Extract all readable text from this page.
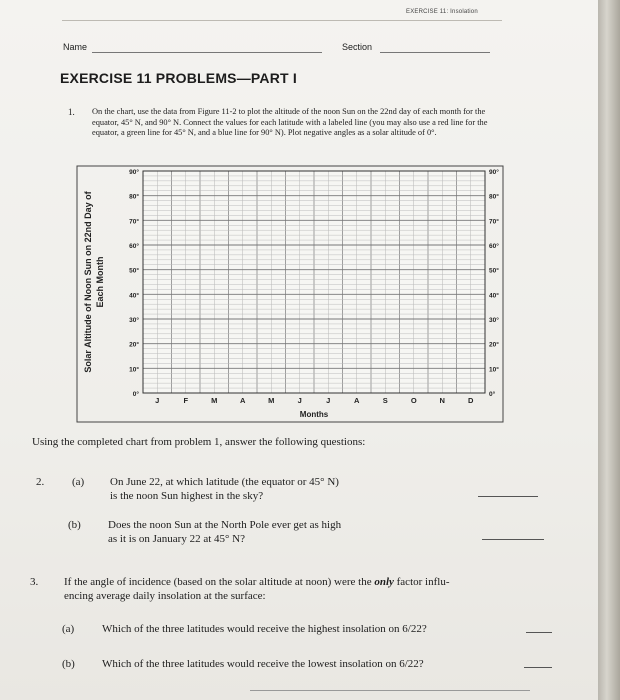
EXERCISE 11: Insolation
Name	Section
EXERCISE 11 PROBLEMS—PART I
1. On the chart, use the data from Figure 11-2 to plot the altitude of the noon Sun on the 22nd day of each month for the equator, 45° N, and 90° N. Connect the values for each latitude with a labeled line (you may also use a red line for the equator, a green line for 45° N, and a blue line for 90° N). Plot negative angles as a solar altitude of 0°.
0°	0°
10°	10°
20°	20°
30°	30°
40°	40°
50°	50°
60°	60°
70°	70°
80°	80°
90°	90°
J	F	M	A	M	J	J	A	S	O	N	D
Months
Solar Altitude of Noon Sun on 22nd Day of Each Month
Using the completed chart from problem 1, answer the following questions:
2.	(a) On June 22, at which latitude (the equator or 45° N)
is the noon Sun highest in the sky?
(b) Does the noon Sun at the North Pole ever get as high
as it is on January 22 at 45° N?
3. If the angle of incidence (based on the solar altitude at noon) were the only factor influ-
encing average daily insolation at the surface:
(a)	Which of the three latitudes would receive the highest insolation on 6/22?
(b) Which of the three latitudes would receive the lowest insolation on 6/22?
